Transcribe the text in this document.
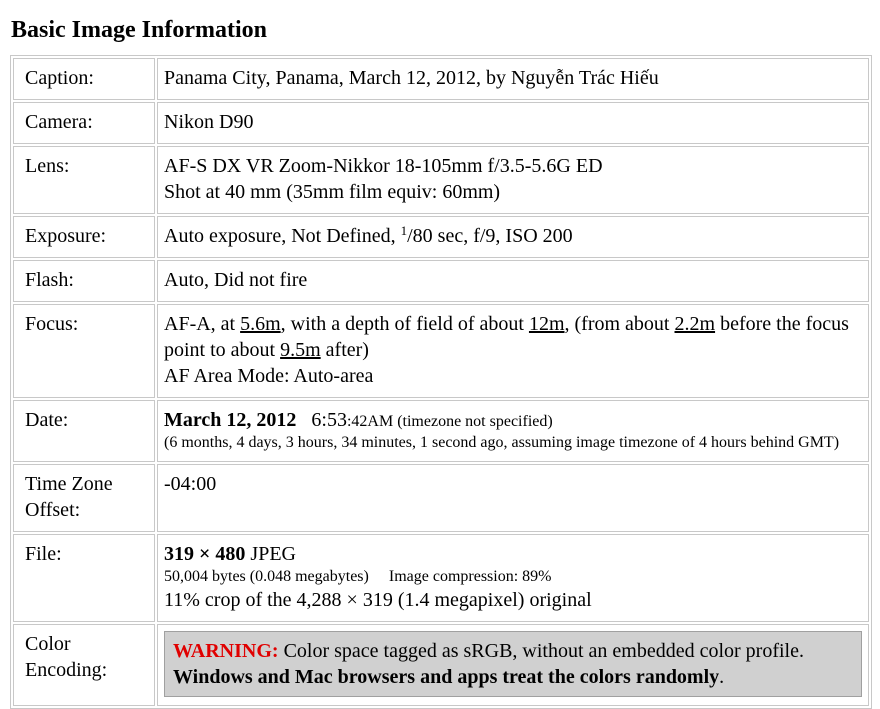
Basic Image Information
Caption:	Panama City, Panama, March 12, 2012, by Nguyễn Trác Hiếu
Camera:	Nikon D90
Lens:	AF-S DX VR Zoom-Nikkor 18-105mm f/3.5-5.6G ED
Shot at 40 mm (35mm film equiv: 60mm)

Exposure:	Auto exposure, Not Defined, $^1$/80 sec, f/9, ISO 200
Flash:	Auto, Did not fire
Focus:	AF-A, at 5.6m, with a depth of field of about 12m, (from about 2.2m before the focus point to about 9.5m after)
AF Area Mode: Auto-area

Date:	March 12, 2012 6:53:42AM (timezone not specified)
(6 months, 4 days, 3 hours, 34 minutes, 1 second ago, assuming image timezone of 4 hours behind GMT)

Time Zone
Offset:	-04:00
File:	319 × 480 JPEG
50,004 bytes (0.048 megabytes) Image compression: 89%
11% crop of the 4,288 × 319 (1.4 megapixel) original

Color
Encoding:	WARNING: Color space tagged as sRGB, without an embedded color profile. Windows and Mac browsers and apps treat the colors randomly.
